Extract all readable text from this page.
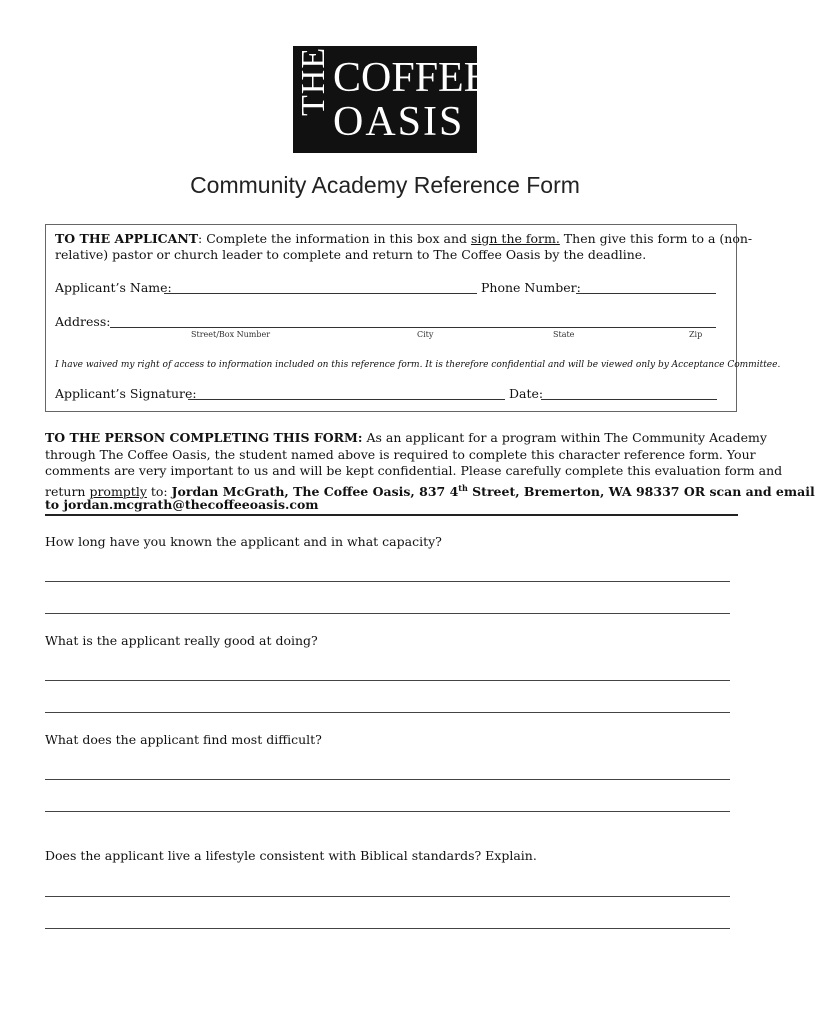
THE COFFEE
OASIS
Community Academy Reference Form
TO THE APPLICANT: Complete the information in this box and sign the form. Then give this form to a (non-
relative) pastor or church leader to complete and return to The Coffee Oasis by the deadline.
Applicant’s Name:	Phone Number:
Address:
Street/Box Number	City	State	Zip
I have waived my right of access to information included on this reference form. It is therefore confidential and will be viewed only by Acceptance Committee.
Applicant’s Signature:	Date:
TO THE PERSON COMPLETING THIS FORM: As an applicant for a program within The Community Academy
through The Coffee Oasis, the student named above is required to complete this character reference form. Your
comments are very important to us and will be kept confidential. Please carefully complete this evaluation form and
return promptly to: Jordan McGrath, The Coffee Oasis, 837 4th Street, Bremerton, WA 98337 OR scan and email
to jordan.mcgrath@thecoffeeoasis.com
How long have you known the applicant and in what capacity?
What is the applicant really good at doing?
What does the applicant find most difficult?
Does the applicant live a lifestyle consistent with Biblical standards? Explain.
